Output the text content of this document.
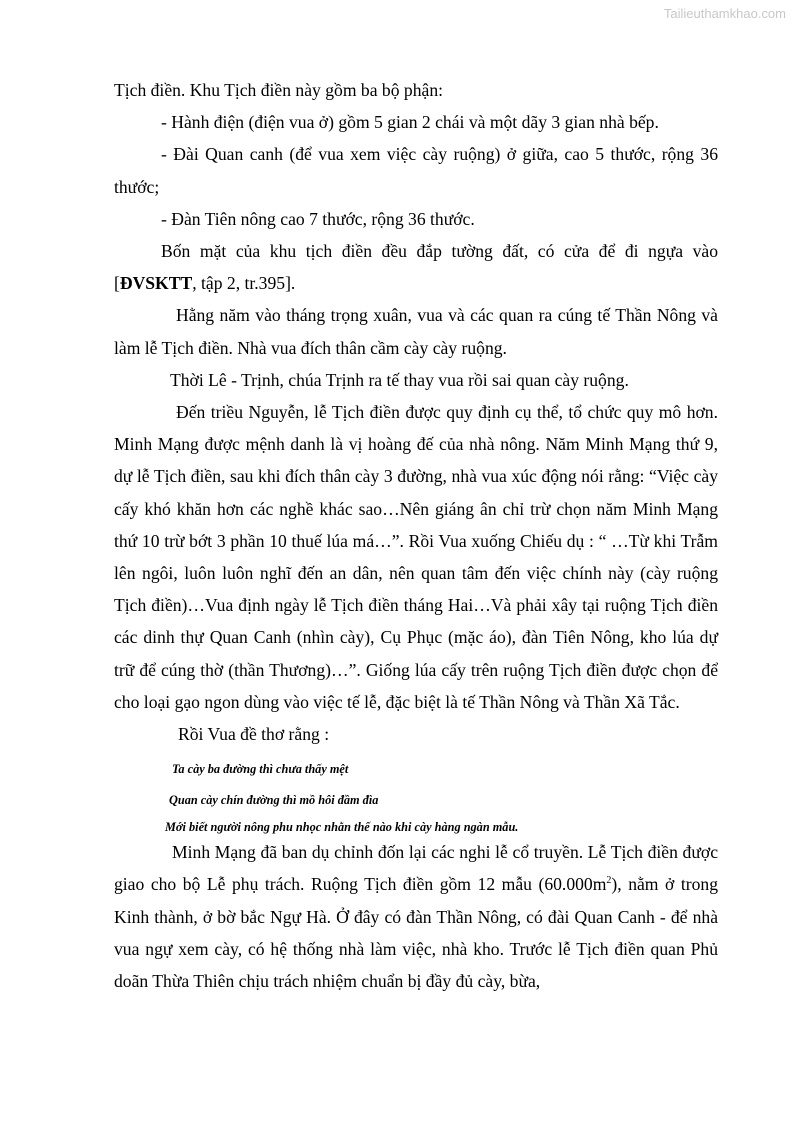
Tailieuthamkhao.com

Tịch điền. Khu Tịch điền này gồm ba bộ phận:

- Hành điện (điện vua ở) gồm 5 gian 2 chái và một dãy 3 gian nhà bếp.

- Đài Quan canh (để vua xem việc cày ruộng) ở giữa, cao 5 thước, rộng 36 thước;

- Đàn Tiên nông cao 7 thước, rộng 36 thước.

Bốn mặt của khu tịch điền đều đắp tường đất, có cửa để đi ngựa vào [ĐVSKTT, tập 2, tr.395].

Hằng năm vào tháng trọng xuân, vua và các quan ra cúng tế Thần Nông và làm lễ Tịch điền. Nhà vua đích thân cầm cày cày ruộng.

Thời Lê - Trịnh, chúa Trịnh ra tế thay vua rồi sai quan cày ruộng.

Đến triều Nguyễn, lễ Tịch điền được quy định cụ thể, tổ chức quy mô hơn. Minh Mạng được mệnh danh là vị hoàng đế của nhà nông. Năm Minh Mạng thứ 9, dự lễ Tịch điền, sau khi đích thân cày 3 đường, nhà vua xúc động nói rằng: “Việc cày cấy khó khăn hơn các nghề khác sao…Nên giáng ân chỉ trừ chọn năm Minh Mạng thứ 10 trừ bớt 3 phần 10 thuế lúa má…”. Rồi Vua xuống Chiếu dụ : “ …Từ khi Trẫm lên ngôi, luôn luôn nghĩ đến an dân, nên quan tâm đến việc chính này (cày ruộng Tịch điền)…Vua định ngày lễ Tịch điền tháng Hai…Và phải xây tại ruộng Tịch điền các dinh thự Quan Canh (nhìn cày), Cụ Phục (mặc áo), đàn Tiên Nông, kho lúa dự trữ để cúng thờ (thần Thương)…”. Giống lúa cấy trên ruộng Tịch điền được chọn để cho loại gạo ngon dùng vào việc tế lễ, đặc biệt là tế Thần Nông và Thần Xã Tắc.

Rồi Vua đề thơ rằng :

Ta cày ba đường thì chưa thấy mệt
Quan cày chín đường thì mồ hôi đầm đìa
Mới biết người nông phu nhọc nhằn thế nào khi cày hàng ngàn mẫu.

Minh Mạng đã ban dụ chỉnh đốn lại các nghi lễ cổ truyền. Lễ Tịch điền được giao cho bộ Lễ phụ trách. Ruộng Tịch điền gồm 12 mẫu $(60.000m^2)$, nằm ở trong Kinh thành, ở bờ bắc Ngự Hà. Ở đây có đàn Thần Nông, có đài Quan Canh - để nhà vua ngự xem cày, có hệ thống nhà làm việc, nhà kho. Trước lễ Tịch điền quan Phủ doãn Thừa Thiên chịu trách nhiệm chuẩn bị đầy đủ cày, bừa,
